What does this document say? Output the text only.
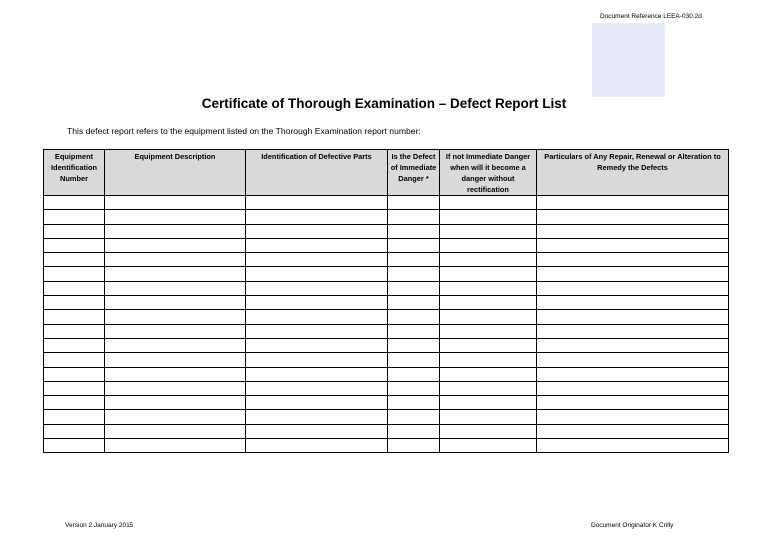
Document Reference LEEA-030.2d
Certificate of Thorough Examination – Defect Report List
This defect report refers to the equipment listed on the Thorough Examination report number:
Equipment Identification Number	Equipment Description	Identification of Defective Parts	Is the Defect of Immediate Danger *	If not Immediate Danger when will it become a danger without rectification	Particulars of Any Repair, Renewal or Alteration to Remedy the Defects

Version 2 January 2015	Document Originator K Crilly
